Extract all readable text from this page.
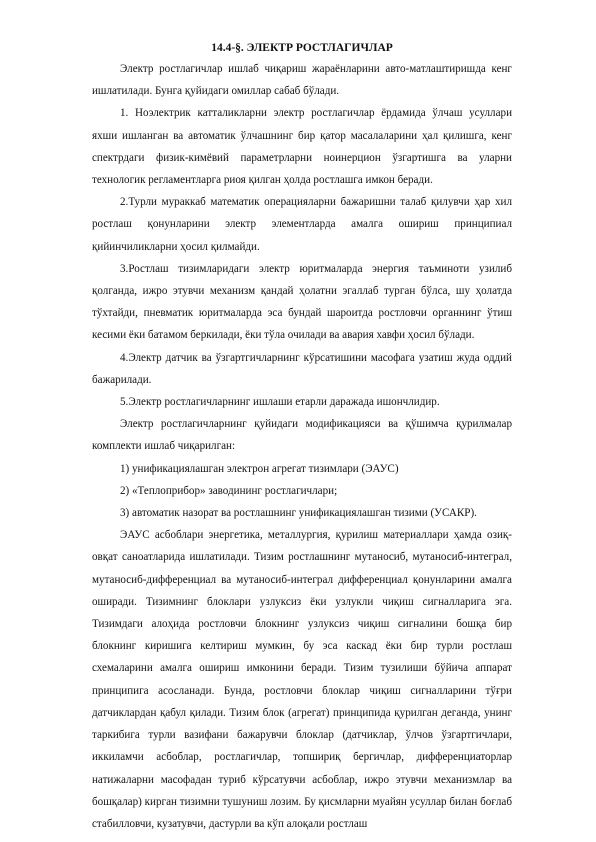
14.4-§. ЭЛЕКТР РОСТЛАГИЧЛАР

Электр ростлагичлар ишлаб чиқариш жараёнларини авто-матлаштиришда кенг ишлатилади. Бунга қуйидаги омиллар сабаб бўлади.

1. Ноэлектрик катталикларни электр ростлагичлар ёрдамида ўлчаш усуллари яхши ишланган ва автоматик ўлчашнинг бир қатор масалаларини ҳал қилишга, кенг спектрдаги физик-кимёвий параметрларни ноинерцион ўзгартишга ва уларни технологик регламентларга риоя қилган ҳолда ростлашга имкон беради.

2.Турли мураккаб математик операцияларни бажаришни талаб қилувчи ҳар хил ростлаш қонунларини электр элементларда амалга ошириш принципиал қийинчиликларни ҳосил қилмайди.

3.Ростлаш тизимларидаги электр юритмаларда энергия таъминоти узилиб қолганда, ижро этувчи механизм қандай ҳолатни эгаллаб турган бўлса, шу ҳолатда тўхтайди, пневматик юритмаларда эса бундай шароитда ростловчи органнинг ўтиш кесими ёки батамом беркилади, ёки тўла очилади ва авария хавфи ҳосил бўлади.

4.Электр датчик ва ўзгартгичларнинг кўрсатишини масофага узатиш жуда оддий бажарилади.

5.Электр ростлагичларнинг ишлаши етарли даражада ишончлидир.

Электр ростлагичларнинг қуйидаги модификацияси ва қўшимча қурилмалар комплекти ишлаб чиқарилган:

1) унификациялашган электрон агрегат тизимлари (ЭАУС)

2) «Теплоприбор» заводининг ростлагичлари;

3) автоматик назорат ва ростлашнинг унификациялашган тизими (УСАКР).

ЭАУС асбоблари энергетика, металлургия, қурилиш материаллари ҳамда озиқ-овқат саноатларида ишлатилади. Тизим ростлашнинг мутаносиб, мутаносиб-интеграл, мутаносиб-дифференциал ва мутаносиб-интеграл дифференциал қонунларини амалга оширади. Тизимнинг блоклари узлуксиз ёки узлукли чиқиш сигналларига эга. Тизимдаги алоҳида ростловчи блокнинг узлуксиз чиқиш сигналини бошқа бир блокнинг киришига келтириш мумкин, бу эса каскад ёки бир турли ростлаш схемаларини амалга ошириш имконини беради. Тизим тузилиши бўйича аппарат принципига асосланади. Бунда, ростловчи блоклар чиқиш сигналларини тўғри датчиклардан қабул қилади. Тизим блок (агрегат) принципида қурилган деганда, унинг таркибига турли вазифани бажарувчи блоклар (датчиклар, ўлчов ўзгартгичлари, иккиламчи асбоблар, ростлагичлар, топшириқ бергичлар, дифференциаторлар натижаларни масофадан туриб кўрсатувчи асбоблар, ижро этувчи механизмлар ва бошқалар) кирган тизимни тушуниш лозим. Бу қисмларни муайян усуллар билан боғлаб стабилловчи, кузатувчи, дастурли ва кўп алоқали ростлаш
